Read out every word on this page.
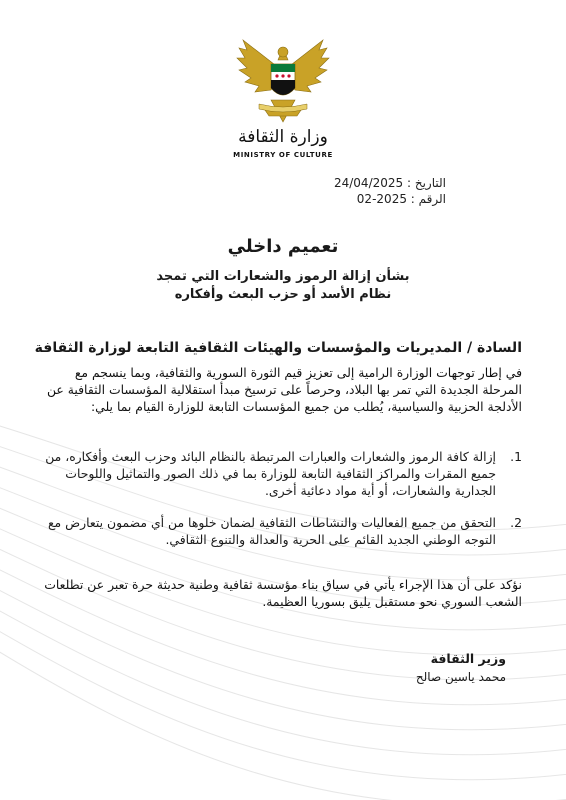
وزارة الثقافة
MINISTRY OF CULTURE
التاريخ : 24/04/2025
الرقم : 2025-02
تعميم داخلي
بشأن إزالة الرموز والشعارات التي تمجد
نظام الأسد أو حزب البعث وأفكاره
السادة / المديريات والمؤسسات والهيئات الثقافية التابعة لوزارة الثقافة
في إطار توجهات الوزارة الرامية إلى تعزيز قيم الثورة السورية والثقافية، وبما ينسجم مع المرحلة الجديدة التي تمر بها البلاد، وحرصاً على ترسيخ مبدأ استقلالية المؤسسات الثقافية عن الأدلجة الحزبية والسياسية، يُطلب من جميع المؤسسات التابعة للوزارة القيام بما يلي:
1.
إزالة كافة الرموز والشعارات والعبارات المرتبطة بالنظام البائد وحزب البعث وأفكاره، من جميع المقرات والمراكز الثقافية التابعة للوزارة بما في ذلك الصور والتماثيل واللوحات الجدارية والشعارات، أو أية مواد دعائية أخرى.
2.
التحقق من جميع الفعاليات والنشاطات الثقافية لضمان خلوها من أي مضمون يتعارض مع التوجه الوطني الجديد القائم على الحرية والعدالة والتنوع الثقافي.
نؤكد على أن هذا الإجراء يأتي في سياق بناء مؤسسة ثقافية وطنية حديثة حرة تعبر عن تطلعات الشعب السوري نحو مستقبل يليق بسوريا العظيمة.
وزير الثقافة
محمد ياسين صالح
